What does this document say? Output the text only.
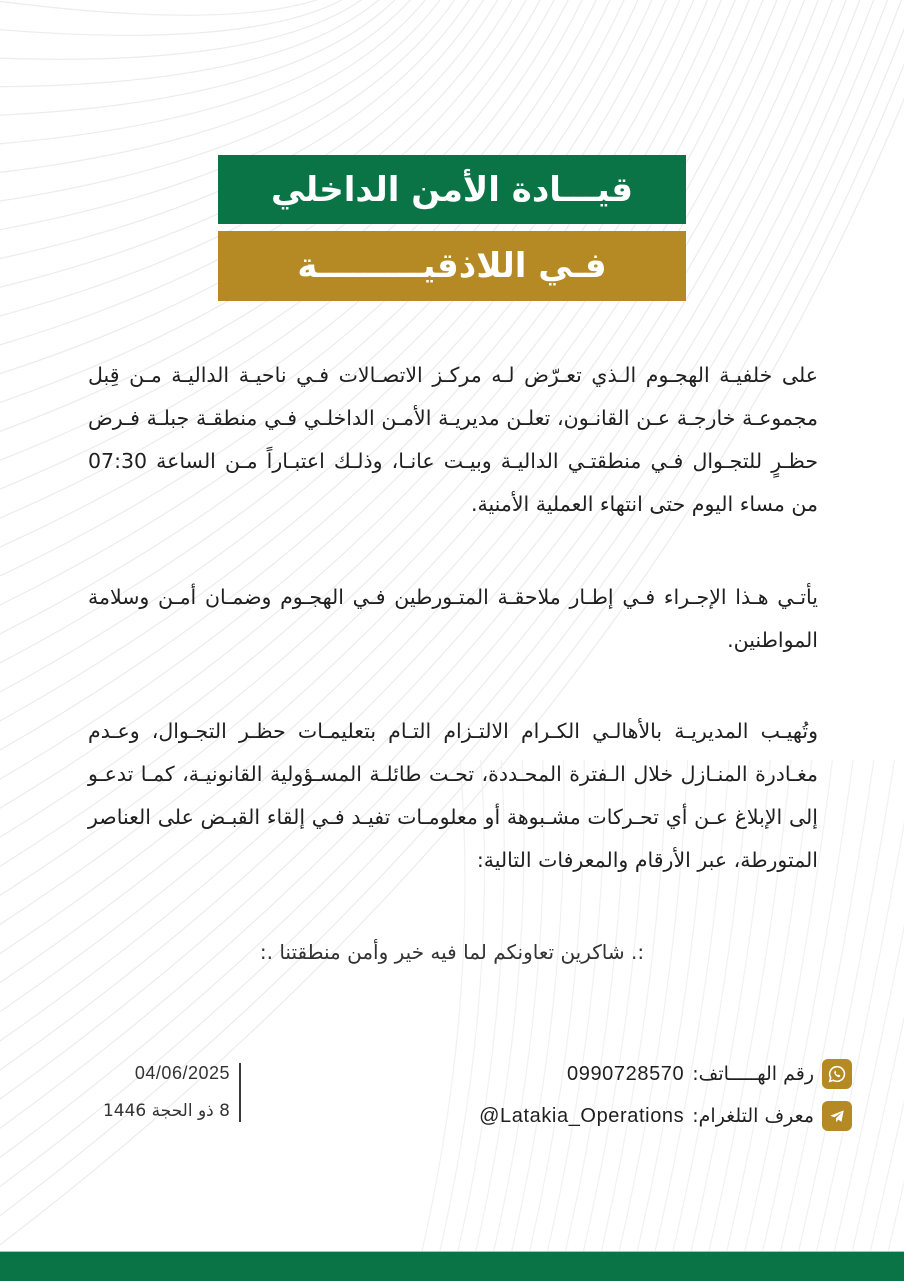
قيـــادة الأمن الداخلي
فـي اللاذقيـــــــــة
على خلفيـة الهجـوم الـذي تعـرّض لـه مركـز الاتصـالات فـي ناحيـة الداليـة مـن قِبل مجموعـة خارجـة عـن القانـون، تعلـن مديريـة الأمـن الداخلـي فـي منطقـة جبلـة فـرض حظـرٍ للتجـوال فـي منطقتـي الداليـة وبيـت عانـا، وذلـك اعتبـاراً مـن الساعة 07:30 من مساء اليوم حتى انتهاء العملية الأمنية.
يأتـي هـذا الإجـراء فـي إطـار ملاحقـة المتـورطين فـي الهجـوم وضمـان أمـن وسلامة المواطنين.
وتُهيـب المديريـة بالأهالـي الكـرام الالتـزام التـام بتعليمـات حظـر التجـوال، وعـدم مغـادرة المنـازل خلال الـفترة المحـددة، تحـت طائلـة المسـؤولية القانونيـة، كمـا تدعـو إلى الإبلاغ عـن أي تحـركات مشـبوهة أو معلومـات تفيـد فـي إلقاء القبـض على العناصر المتورطة، عبر الأرقام والمعرفات التالية:
:. شاكرين تعاونكم لما فيه خير وأمن منطقتنا .:
04/06/2025
8 ذو الحجة 1446
رقم الهـــــاتف:
0990728570
معرف التلغرام:
@Latakia_Operations
